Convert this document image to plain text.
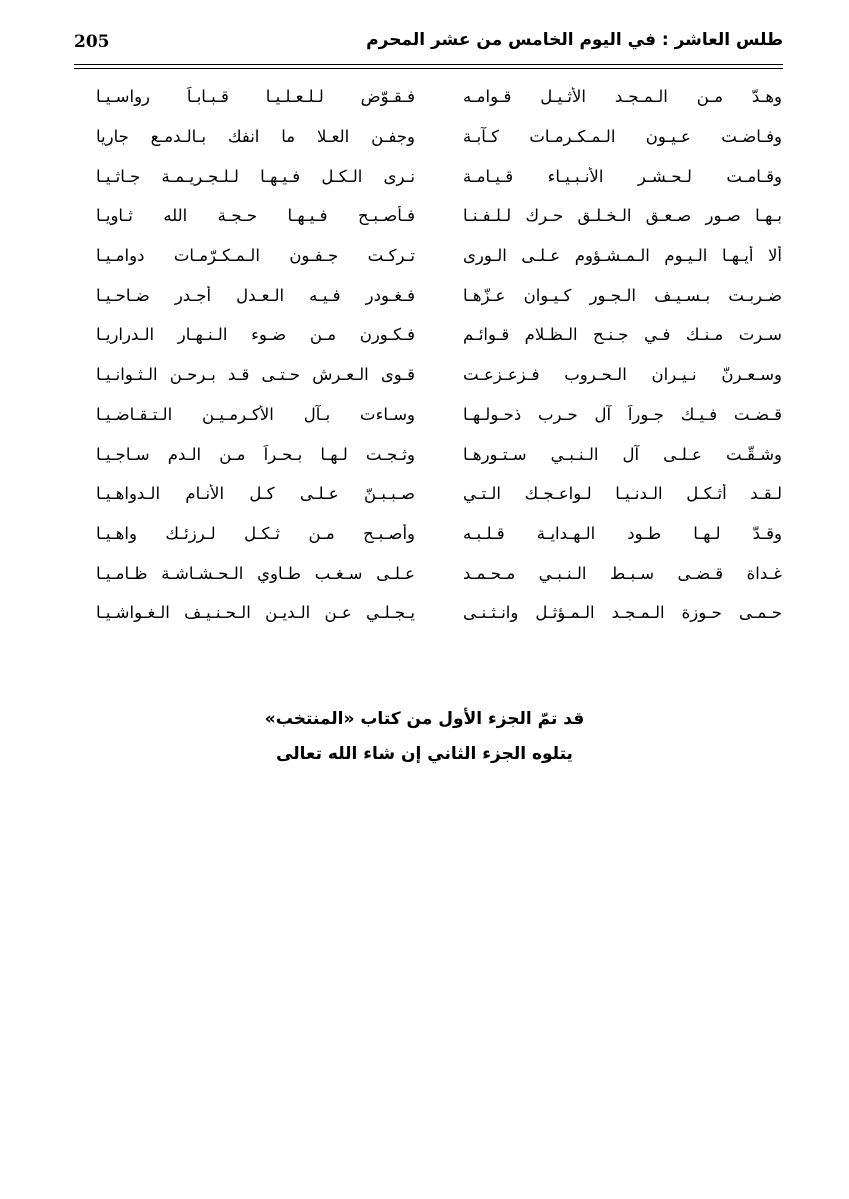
205	طلس العاشر : في اليوم الخامس من عشر المحرم
فـقـوّض لـلـعـلـيـا قـبـابـاً رواسـيـا	وهـدّ مـن الـمـجـد الأثـيـل قـوامـه
وجفـن العـلا ما انفك بـالـدمـع جاريا	وفـاضـت عـيـون الـمـكـرمـات كـآبـة
نـرى الـكـل فـيـهـا لـلـجـريـمـة جـاثـيـا	وقـامـت لـحـشـر الأنـبـيـاء قـيـامـة
فـأصـبـح فـيـهـا حـجـة الله ثـاويـا	بـهـا صـور صـعـق الـخـلـق حـرك لـلـفـنـا
تـركـت جـفـون الـمـكـرّمـات دوامـيـا	ألا أيـهـا الـيـوم الـمـشـؤوم عـلـى الـورى
فـغـودر فـيـه الـعـدل أجـدر ضـاحـيـا	ضـربـت بـسـيـف الـجـور كـيـوان عـزّهـا
فـكـورن مـن ضـوء الـنـهـار الـدراريـا	سـرت مـنـك فـي جـنـح الـظـلام قـوائـم
قـوى الـعـرش حـتـى قـد بـرحـن الـثـوانـيـا	وسـعـرنّ نـيـران الـحـروب فـزعـزعـت
وسـاءت بـآل الأكـرمـيـن الـتـقـاضـيـا	قـضـت فـيـك جـوراً آل حـرب ذحـولـهـا
وثـجـت لـهـا بـحـراً مـن الـدم سـاجـيـا	وشـقّـت عـلـى آل الـنـبـي سـتـورهـا
صـبـبـنّ عـلـى كـل الأنـام الـدواهـيـا	لـقـد أثـكـل الـدنـيـا لـواعـجـك الـتـي
وأصـبـح مـن ثـكـل لـرزئـك واهـيـا	وقـدّ لـهـا طـود الـهـدايـة قـلـبـه
عـلـى سـغـب طـاوي الـحـشـاشـة ظـامـيـا	غـداة قـضـى سـبـط الـنـبـي مـحـمـد
يـجـلـي عـن الـديـن الـحـنـيـف الـغـواشـيـا	حـمـى حـوزة الـمـجـد الـمـؤثـل وانـثـنـى
قد تمّ الجزء الأول من كتاب «المنتخب»
يتلوه الجزء الثاني إن شاء الله تعالى
